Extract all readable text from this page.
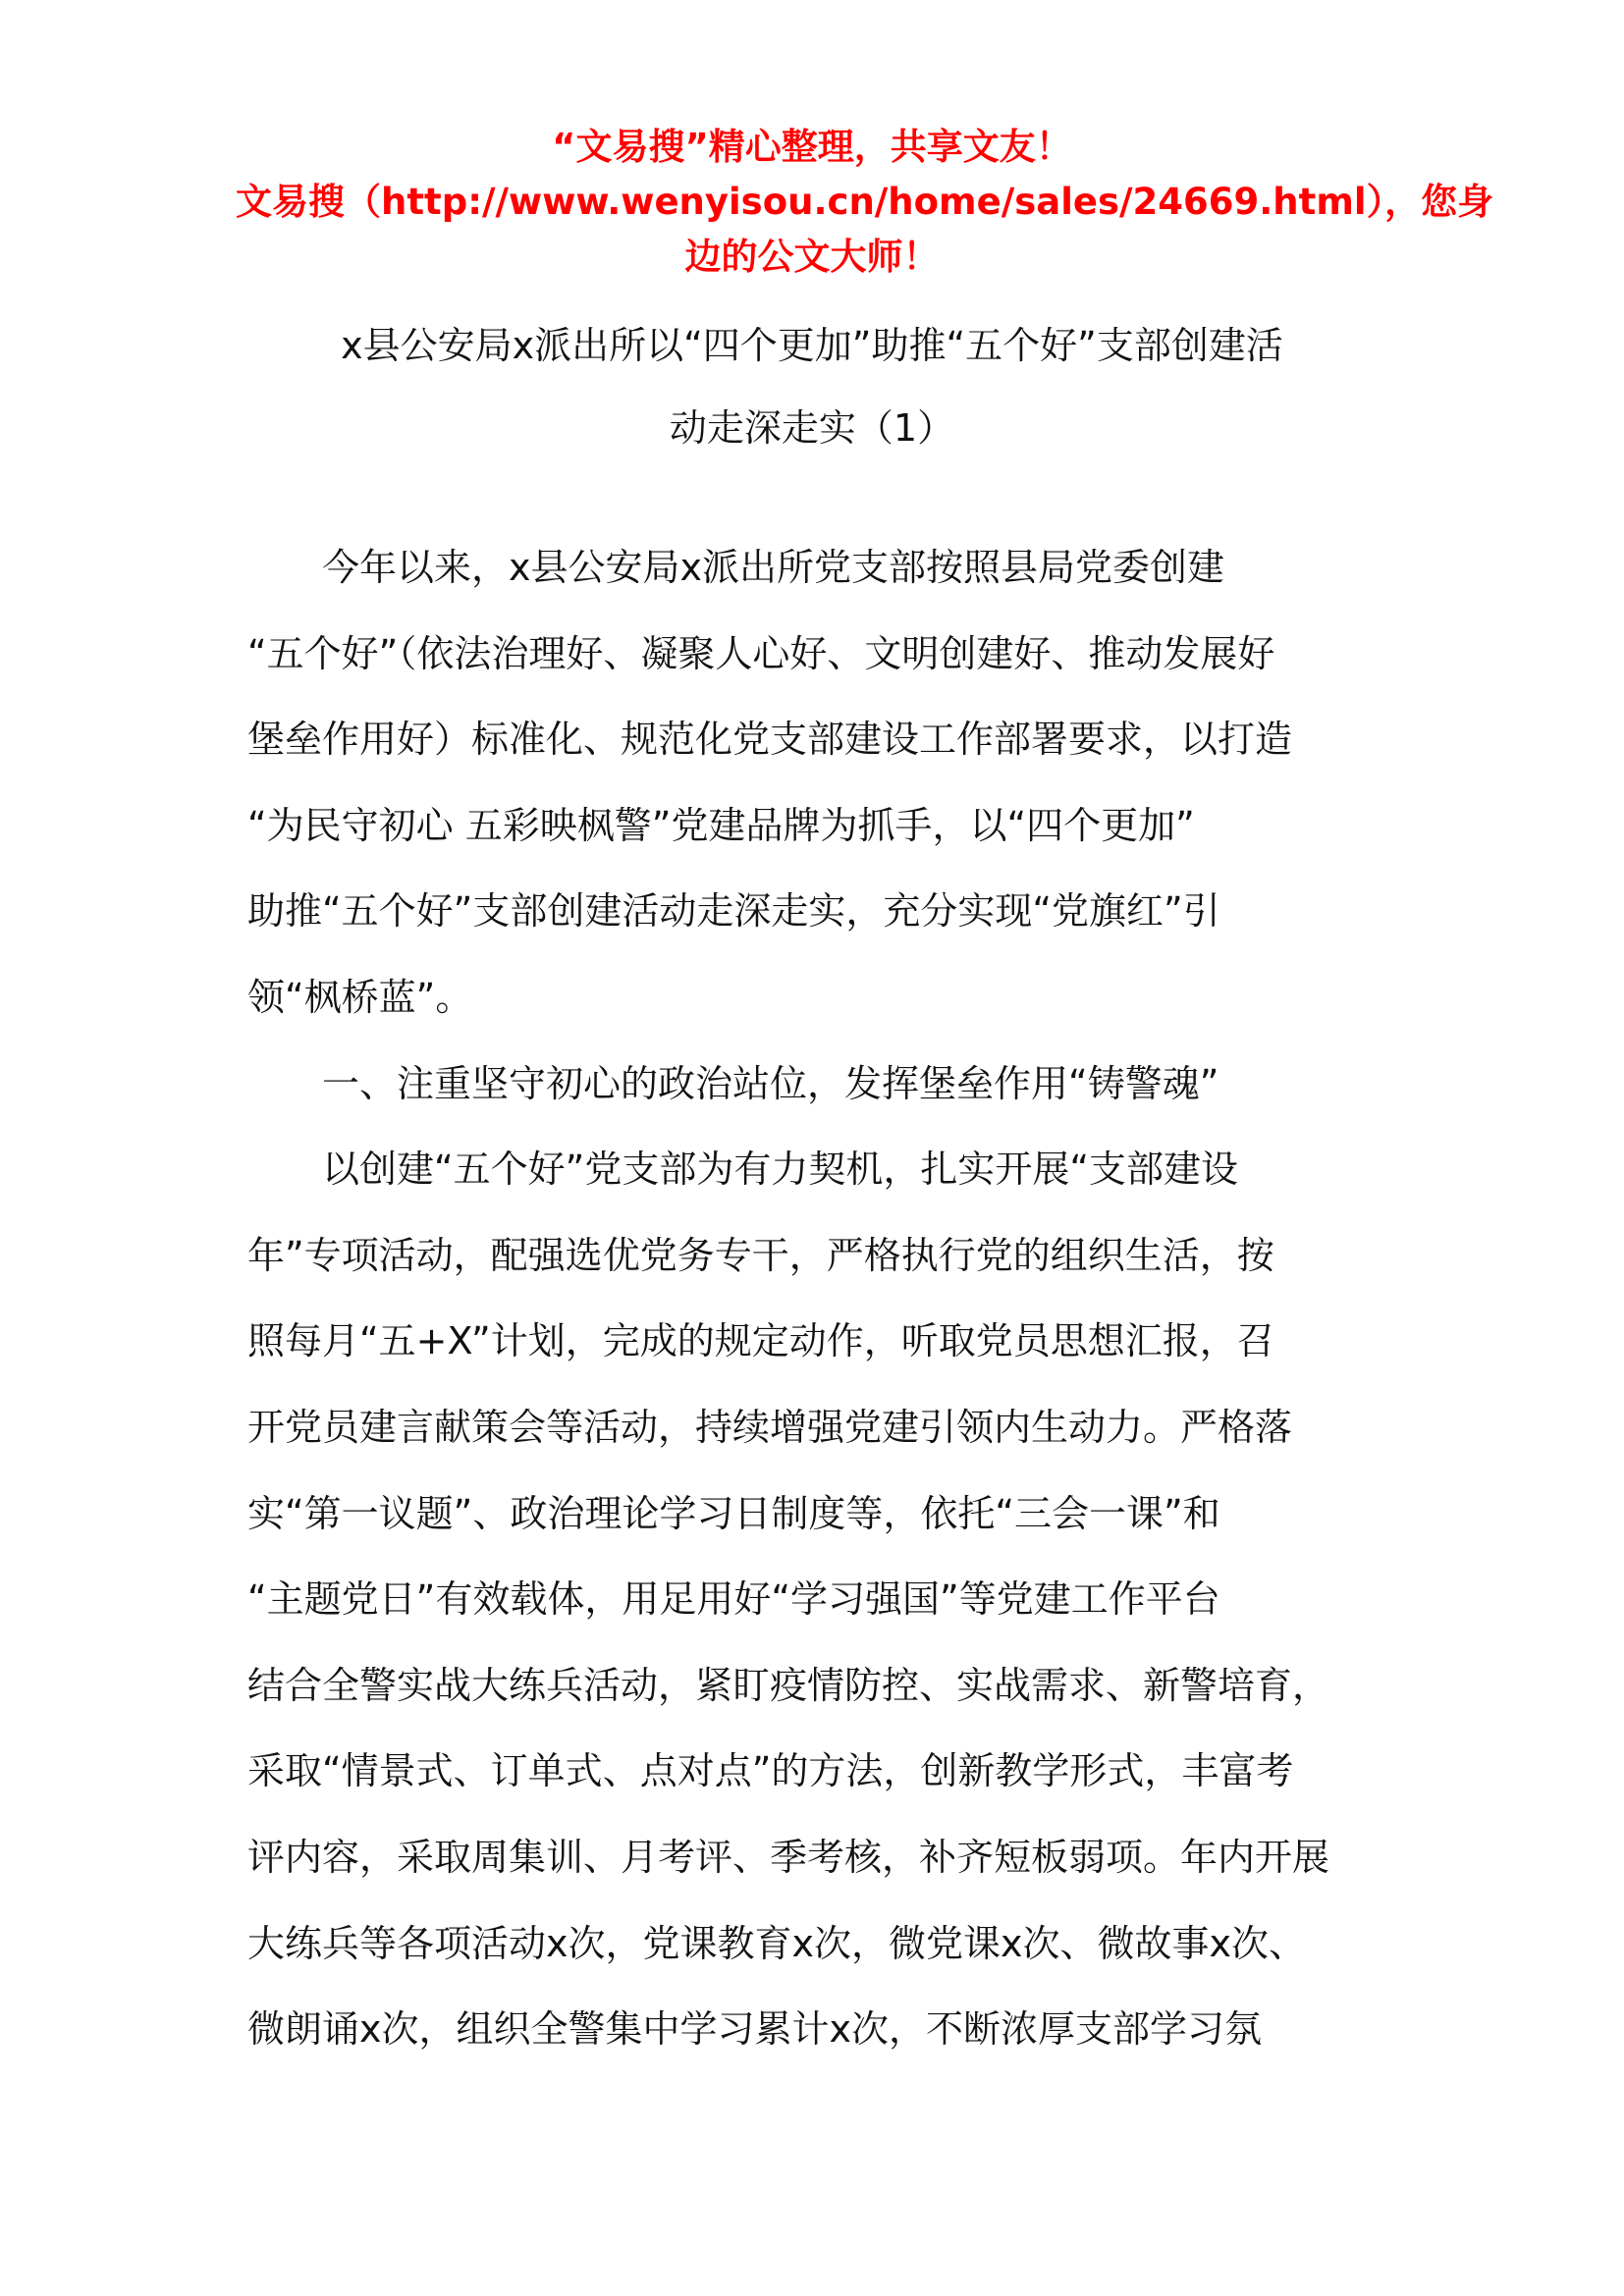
“文易搜”精心整理，共享文友！
文易搜（http://www.wenyisou.cn/home/sales/24669.html），您身
边的公文大师！
x县公安局x派出所以“四个更加”助推“五个好”支部创建活
动走深走实（1）
今年以来，x县公安局x派出所党支部按照县局党委创建
“五个好”（依法治理好、凝聚人心好、文明创建好、推动发展好
堡垒作用好）标准化、规范化党支部建设工作部署要求，以打造
“为民守初心 五彩映枫警”党建品牌为抓手，以“四个更加”
助推“五个好”支部创建活动走深走实，充分实现“党旗红”引
领“枫桥蓝”。
一、注重坚守初心的政治站位，发挥堡垒作用“铸警魂”
以创建“五个好”党支部为有力契机，扎实开展“支部建设
年”专项活动，配强选优党务专干，严格执行党的组织生活，按
照每月“五+X”计划，完成的规定动作，听取党员思想汇报，召
开党员建言献策会等活动，持续增强党建引领内生动力。严格落
实“第一议题”、政治理论学习日制度等，依托“三会一课”和
“主题党日”有效载体，用足用好“学习强国”等党建工作平台
结合全警实战大练兵活动，紧盯疫情防控、实战需求、新警培育，
采取“情景式、订单式、点对点”的方法，创新教学形式，丰富考
评内容，采取周集训、月考评、季考核，补齐短板弱项。年内开展
大练兵等各项活动x次，党课教育x次，微党课x次、微故事x次、
微朗诵x次，组织全警集中学习累计x次，不断浓厚支部学习氛
